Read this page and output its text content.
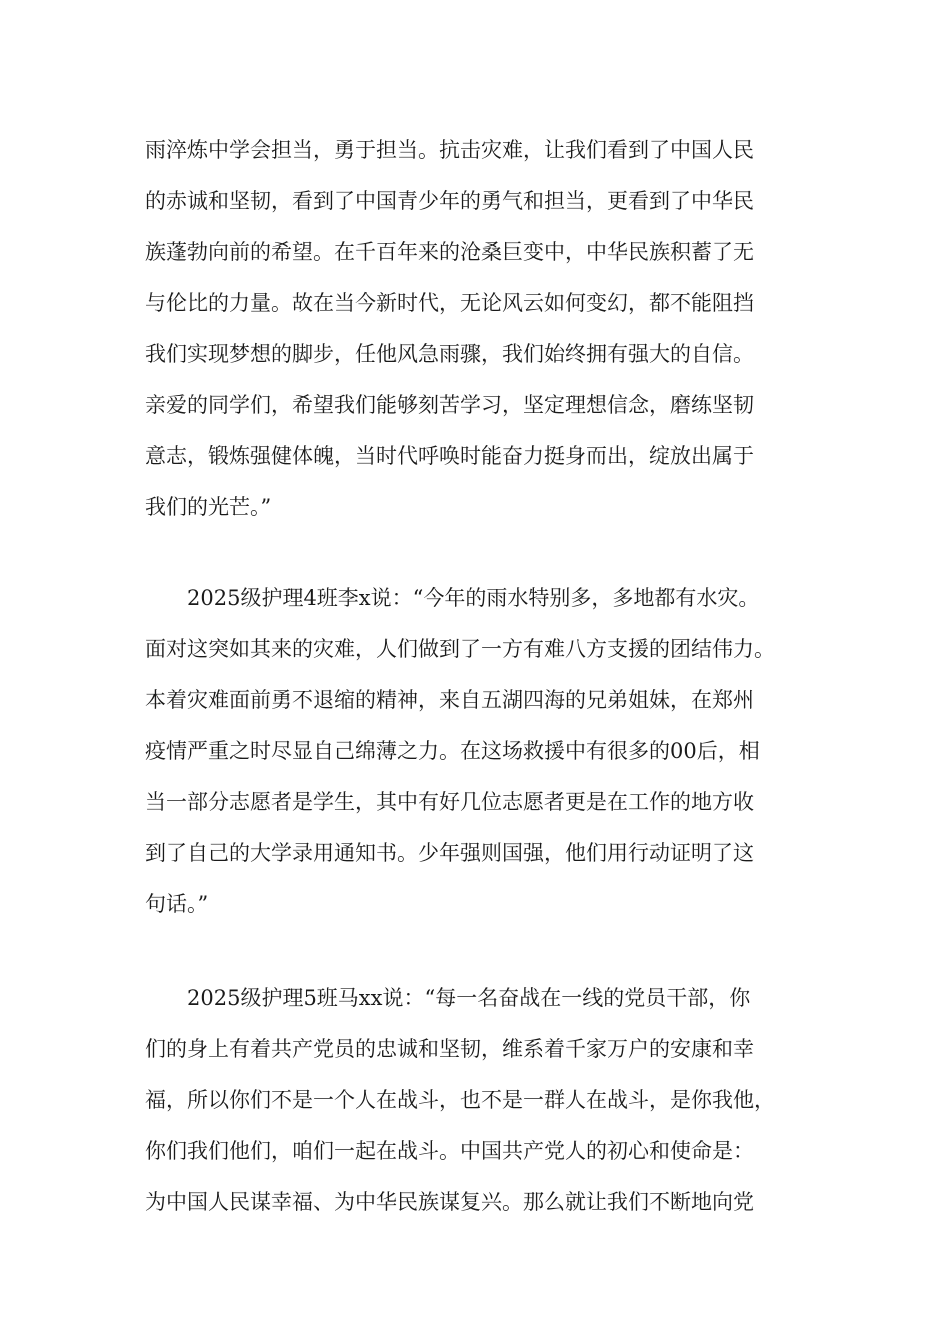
雨淬炼中学会担当，勇于担当。抗击灾难，让我们看到了中国人民
的赤诚和坚韧，看到了中国青少年的勇气和担当，更看到了中华民
族蓬勃向前的希望。在千百年来的沧桑巨变中，中华民族积蓄了无
与伦比的力量。故在当今新时代，无论风云如何变幻，都不能阻挡
我们实现梦想的脚步，任他风急雨骤，我们始终拥有强大的自信。
亲爱的同学们，希望我们能够刻苦学习，坚定理想信念，磨练坚韧
意志，锻炼强健体魄，当时代呼唤时能奋力挺身而出，绽放出属于
我们的光芒。”
2025级护理4班李x说：“今年的雨水特别多，多地都有水灾。
面对这突如其来的灾难，人们做到了一方有难八方支援的团结伟力。
本着灾难面前勇不退缩的精神，来自五湖四海的兄弟姐妹，在郑州
疫情严重之时尽显自己绵薄之力。在这场救援中有很多的00后，相
当一部分志愿者是学生，其中有好几位志愿者更是在工作的地方收
到了自己的大学录用通知书。少年强则国强，他们用行动证明了这
句话。”
2025级护理5班马xx说：“每一名奋战在一线的党员干部，你
们的身上有着共产党员的忠诚和坚韧，维系着千家万户的安康和幸
福，所以你们不是一个人在战斗，也不是一群人在战斗，是你我他，
你们我们他们，咱们一起在战斗。中国共产党人的初心和使命是：
为中国人民谋幸福、为中华民族谋复兴。那么就让我们不断地向党
